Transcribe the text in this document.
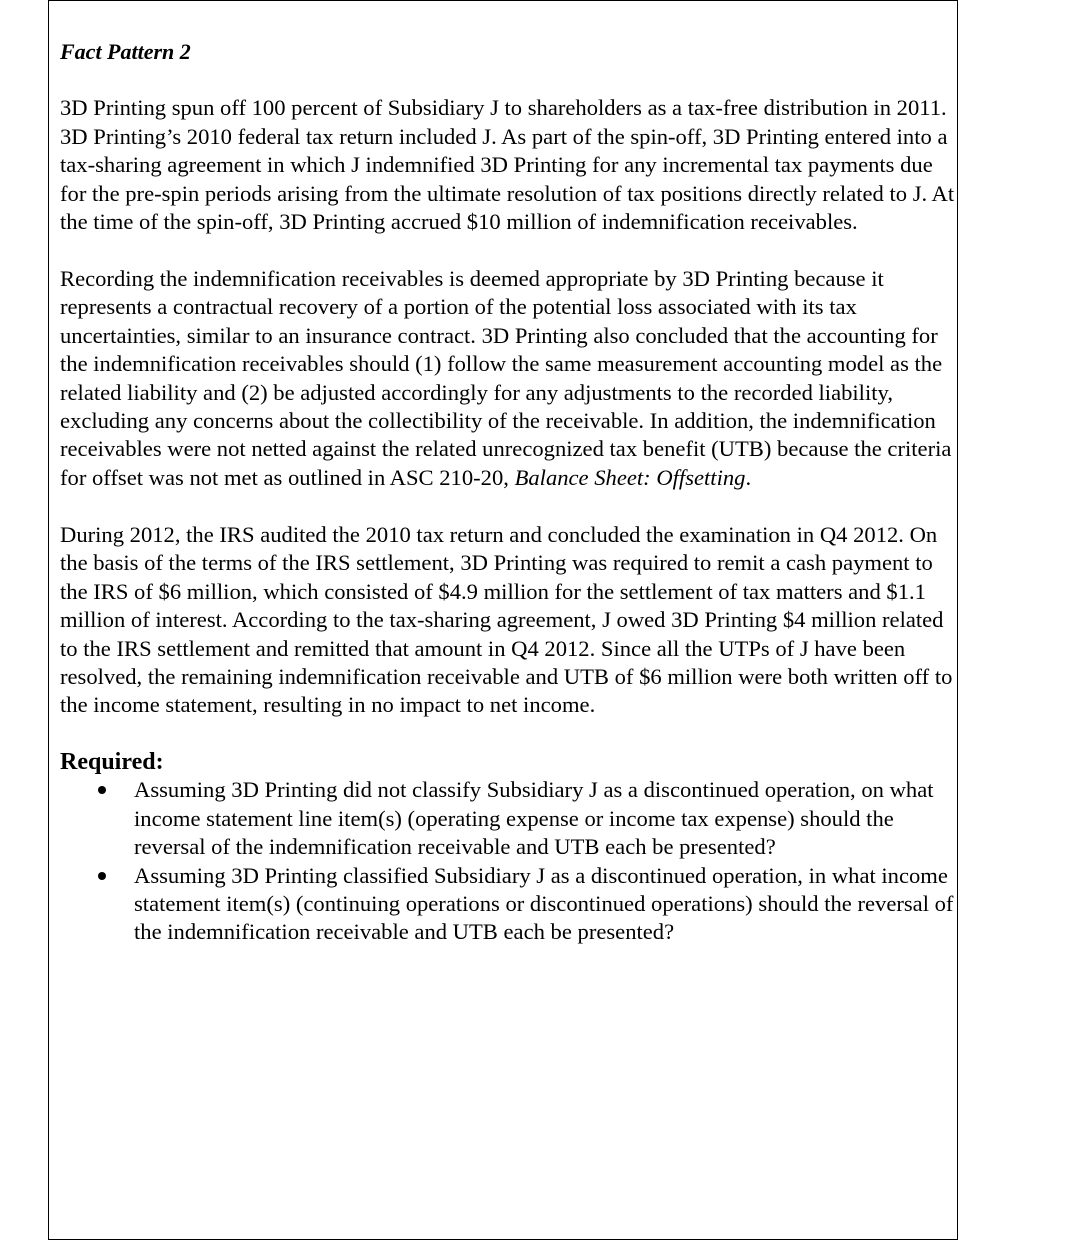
Fact Pattern 2

3D Printing spun off 100 percent of Subsidiary J to shareholders as a tax-free distribution in 2011. 3D Printing’s 2010 federal tax return included J. As part of the spin-off, 3D Printing entered into a tax-sharing agreement in which J indemnified 3D Printing for any incremental tax payments due for the pre-spin periods arising from the ultimate resolution of tax positions directly related to J. At the time of the spin-off, 3D Printing accrued $10 million of indemnification receivables.

Recording the indemnification receivables is deemed appropriate by 3D Printing because it represents a contractual recovery of a portion of the potential loss associated with its tax uncertainties, similar to an insurance contract. 3D Printing also concluded that the accounting for the indemnification receivables should (1) follow the same measurement accounting model as the related liability and (2) be adjusted accordingly for any adjustments to the recorded liability, excluding any concerns about the collectibility of the receivable. In addition, the indemnification receivables were not netted against the related unrecognized tax benefit (UTB) because the criteria for offset was not met as outlined in ASC 210-20, Balance Sheet: Offsetting.

During 2012, the IRS audited the 2010 tax return and concluded the examination in Q4 2012. On the basis of the terms of the IRS settlement, 3D Printing was required to remit a cash payment to the IRS of $6 million, which consisted of $4.9 million for the settlement of tax matters and $1.1 million of interest. According to the tax-sharing agreement, J owed 3D Printing $4 million related to the IRS settlement and remitted that amount in Q4 2012. Since all the UTPs of J have been resolved, the remaining indemnification receivable and UTB of $6 million were both written off to the income statement, resulting in no impact to net income.

Required:
Assuming 3D Printing did not classify Subsidiary J as a discontinued operation, on what income statement line item(s) (operating expense or income tax expense) should the reversal of the indemnification receivable and UTB each be presented?
Assuming 3D Printing classified Subsidiary J as a discontinued operation, in what income statement item(s) (continuing operations or discontinued operations) should the reversal of the indemnification receivable and UTB each be presented?
